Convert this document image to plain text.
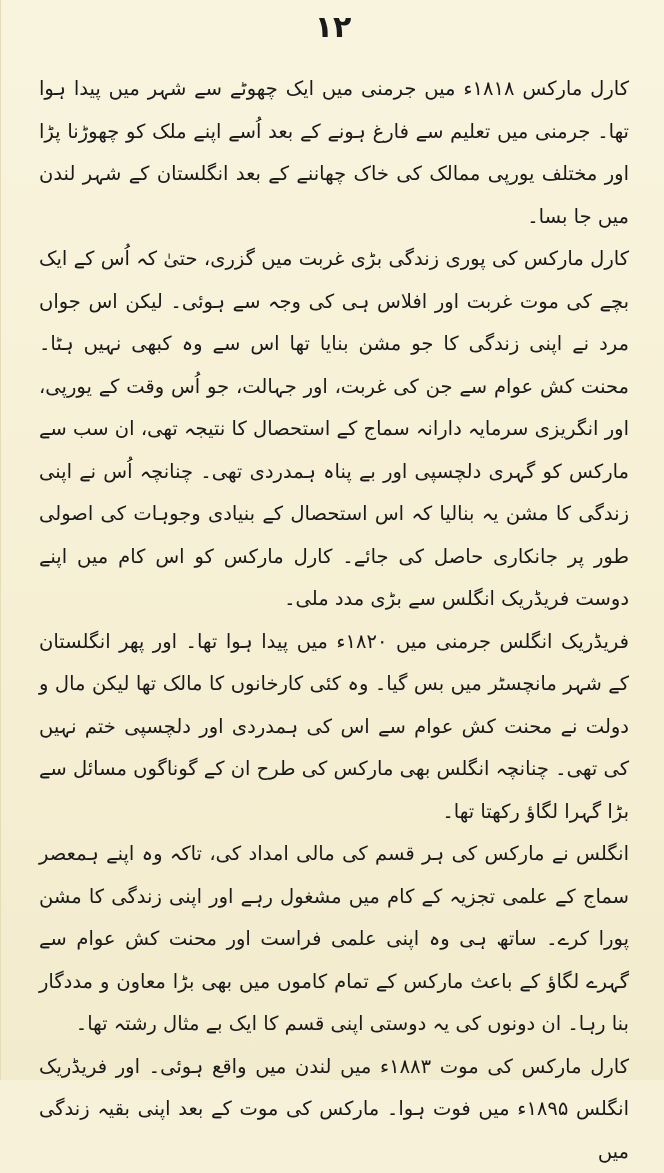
۱۲

کارل مارکس ۱۸۱۸ء میں جرمنی میں ایک چھوٹے سے شہر میں پیدا ہوا تھا۔ جرمنی میں تعلیم سے فارغ ہونے کے بعد اُسے اپنے ملک کو چھوڑنا پڑا اور مختلف یورپی ممالک کی خاک چھاننے کے بعد انگلستان کے شہر لندن میں جا بسا۔

کارل مارکس کی پوری زندگی بڑی غربت میں گزری، حتیٰ کہ اُس کے ایک بچے کی موت غربت اور افلاس ہی کی وجہ سے ہوئی۔ لیکن اس جواں مرد نے اپنی زندگی کا جو مشن بنایا تھا اس سے وہ کبھی نہیں ہٹا۔ محنت کش عوام سے جن کی غربت، اور جہالت، جو اُس وقت کے یورپی، اور انگریزی سرمایہ دارانہ سماج کے استحصال کا نتیجہ تھی، ان سب سے مارکس کو گہری دلچسپی اور بے پناہ ہمدردی تھی۔ چنانچہ اُس نے اپنی زندگی کا مشن یہ بنالیا کہ اس استحصال کے بنیادی وجوہات کی اصولی طور پر جانکاری حاصل کی جائے۔ کارل مارکس کو اس کام میں اپنے دوست فریڈریک انگلس سے بڑی مدد ملی۔

فریڈریک انگلس جرمنی میں ۱۸۲۰ء میں پیدا ہوا تھا۔ اور پھر انگلستان کے شہر مانچسٹر میں بس گیا۔ وہ کئی کارخانوں کا مالک تھا لیکن مال و دولت نے محنت کش عوام سے اس کی ہمدردی اور دلچسپی ختم نہیں کی تھی۔ چنانچہ انگلس بھی مارکس کی طرح ان کے گوناگوں مسائل سے بڑا گہرا لگاؤ رکھتا تھا۔

انگلس نے مارکس کی ہر قسم کی مالی امداد کی، تاکہ وہ اپنے ہمعصر سماج کے علمی تجزیہ کے کام میں مشغول رہے اور اپنی زندگی کا مشن پورا کرے۔ ساتھ ہی وہ اپنی علمی فراست اور محنت کش عوام سے گہرے لگاؤ کے باعث مارکس کے تمام کاموں میں بھی بڑا معاون و مددگار بنا رہا۔ ان دونوں کی یہ دوستی اپنی قسم کا ایک بے مثال رشتہ تھا۔

کارل مارکس کی موت ۱۸۸۳ء میں لندن میں واقع ہوئی۔ اور فریڈریک انگلس ۱۸۹۵ء میں فوت ہوا۔ مارکس کی موت کے بعد اپنی بقیہ زندگی میں
